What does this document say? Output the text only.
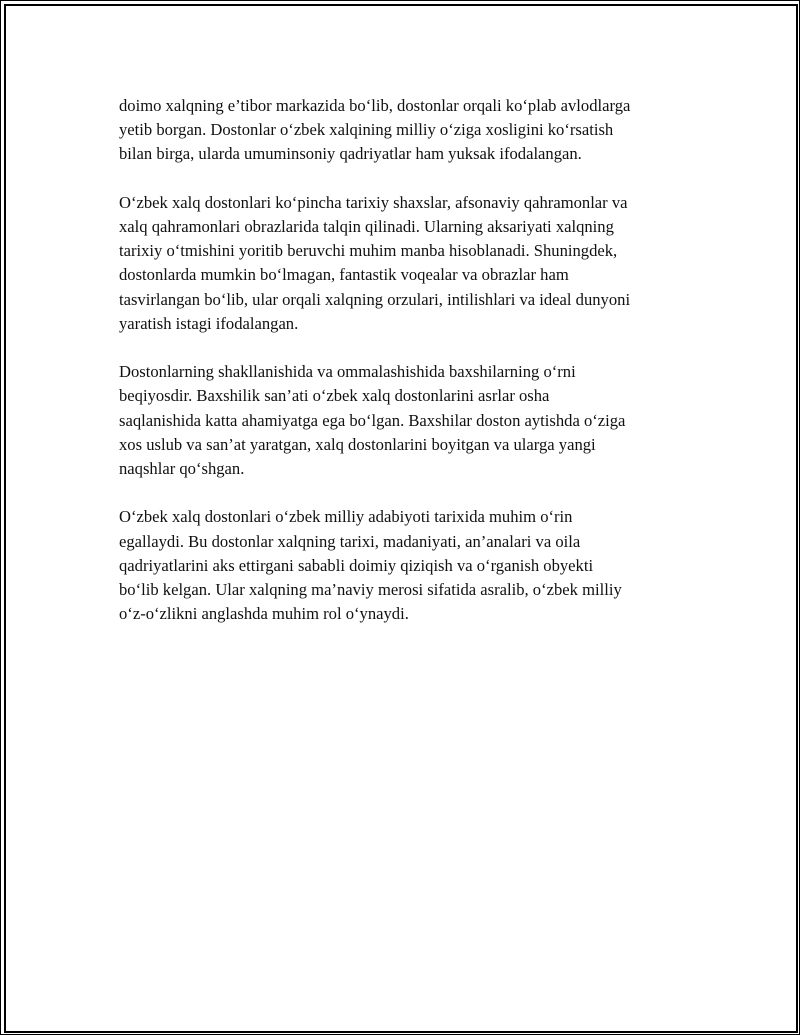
doimo xalqning e’tibor markazida bo‘lib, dostonlar orqali ko‘plab avlodlarga
yetib borgan. Dostonlar o‘zbek xalqining milliy o‘ziga xosligini ko‘rsatish
bilan birga, ularda umuminsoniy qadriyatlar ham yuksak ifodalangan.

O‘zbek xalq dostonlari ko‘pincha tarixiy shaxslar, afsonaviy qahramonlar va
xalq qahramonlari obrazlarida talqin qilinadi. Ularning aksariyati xalqning
tarixiy o‘tmishini yoritib beruvchi muhim manba hisoblanadi. Shuningdek,
dostonlarda mumkin bo‘lmagan, fantastik voqealar va obrazlar ham
tasvirlangan bo‘lib, ular orqali xalqning orzulari, intilishlari va ideal dunyoni
yaratish istagi ifodalangan.

Dostonlarning shakllanishida va ommalashishida baxshilarning o‘rni
beqiyosdir. Baxshilik san’ati o‘zbek xalq dostonlarini asrlar osha
saqlanishida katta ahamiyatga ega bo‘lgan. Baxshilar doston aytishda o‘ziga
xos uslub va san’at yaratgan, xalq dostonlarini boyitgan va ularga yangi
naqshlar qo‘shgan.

O‘zbek xalq dostonlari o‘zbek milliy adabiyoti tarixida muhim o‘rin
egallaydi. Bu dostonlar xalqning tarixi, madaniyati, an’analari va oila
qadriyatlarini aks ettirgani sababli doimiy qiziqish va o‘rganish obyekti
bo‘lib kelgan. Ular xalqning ma’naviy merosi sifatida asralib, o‘zbek milliy
o‘z-o‘zlikni anglashda muhim rol o‘ynaydi.
